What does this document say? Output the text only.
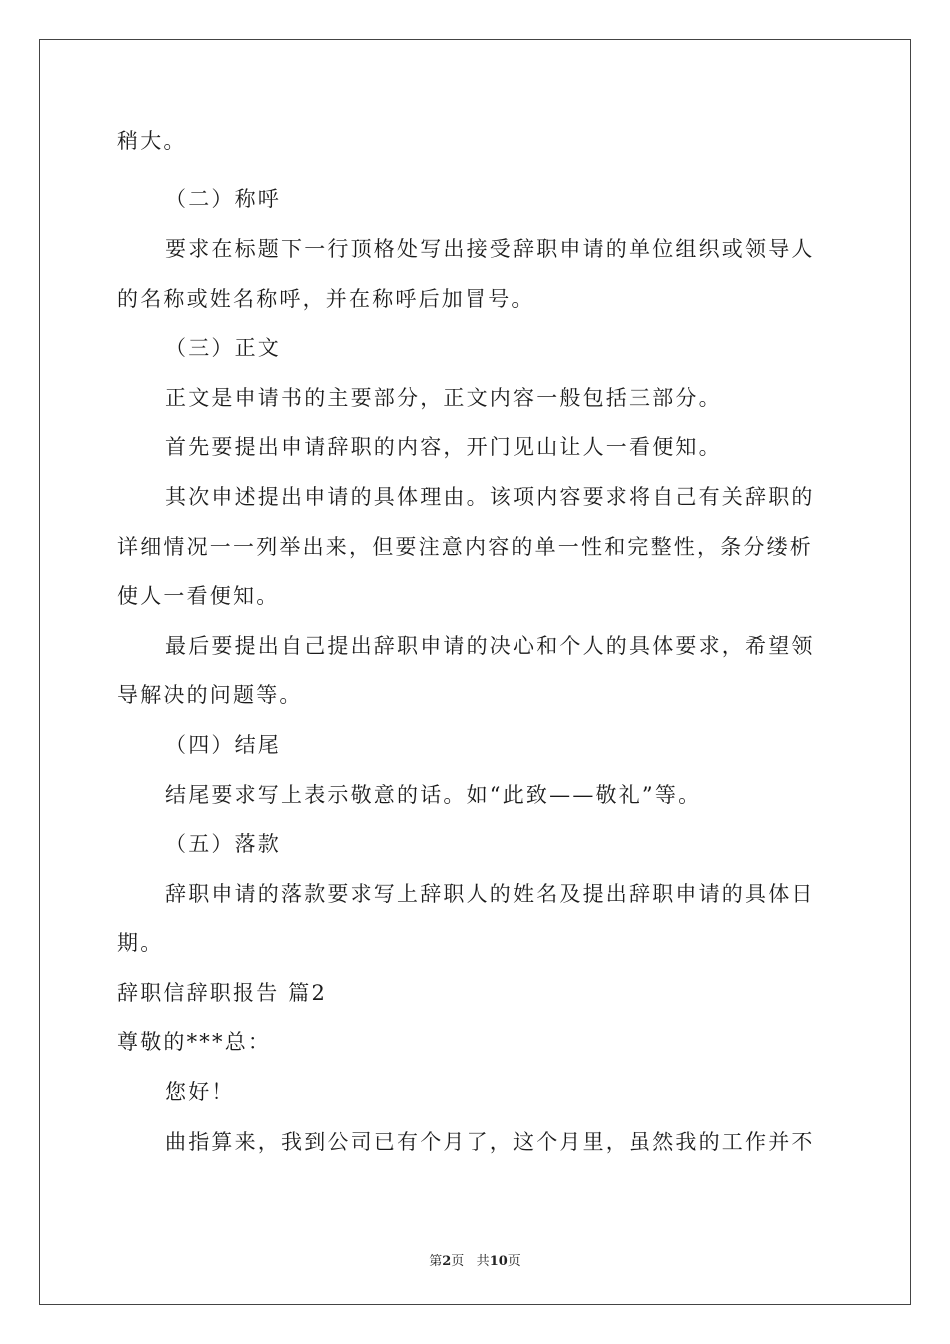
稍大。
（二）称呼
要求在标题下一行顶格处写出接受辞职申请的单位组织或领导人
的名称或姓名称呼，并在称呼后加冒号。
（三）正文
正文是申请书的主要部分，正文内容一般包括三部分。
首先要提出申请辞职的内容，开门见山让人一看便知。
其次申述提出申请的具体理由。该项内容要求将自己有关辞职的
详细情况一一列举出来，但要注意内容的单一性和完整性，条分缕析
使人一看便知。
最后要提出自己提出辞职申请的决心和个人的具体要求，希望领
导解决的问题等。
（四）结尾
结尾要求写上表示敬意的话。如“此致——敬礼”等。
（五）落款
辞职申请的落款要求写上辞职人的姓名及提出辞职申请的具体日
期。
辞职信辞职报告 篇2
尊敬的***总：
您好！
曲指算来，我到公司已有个月了，这个月里，虽然我的工作并不
第2页 共10页
